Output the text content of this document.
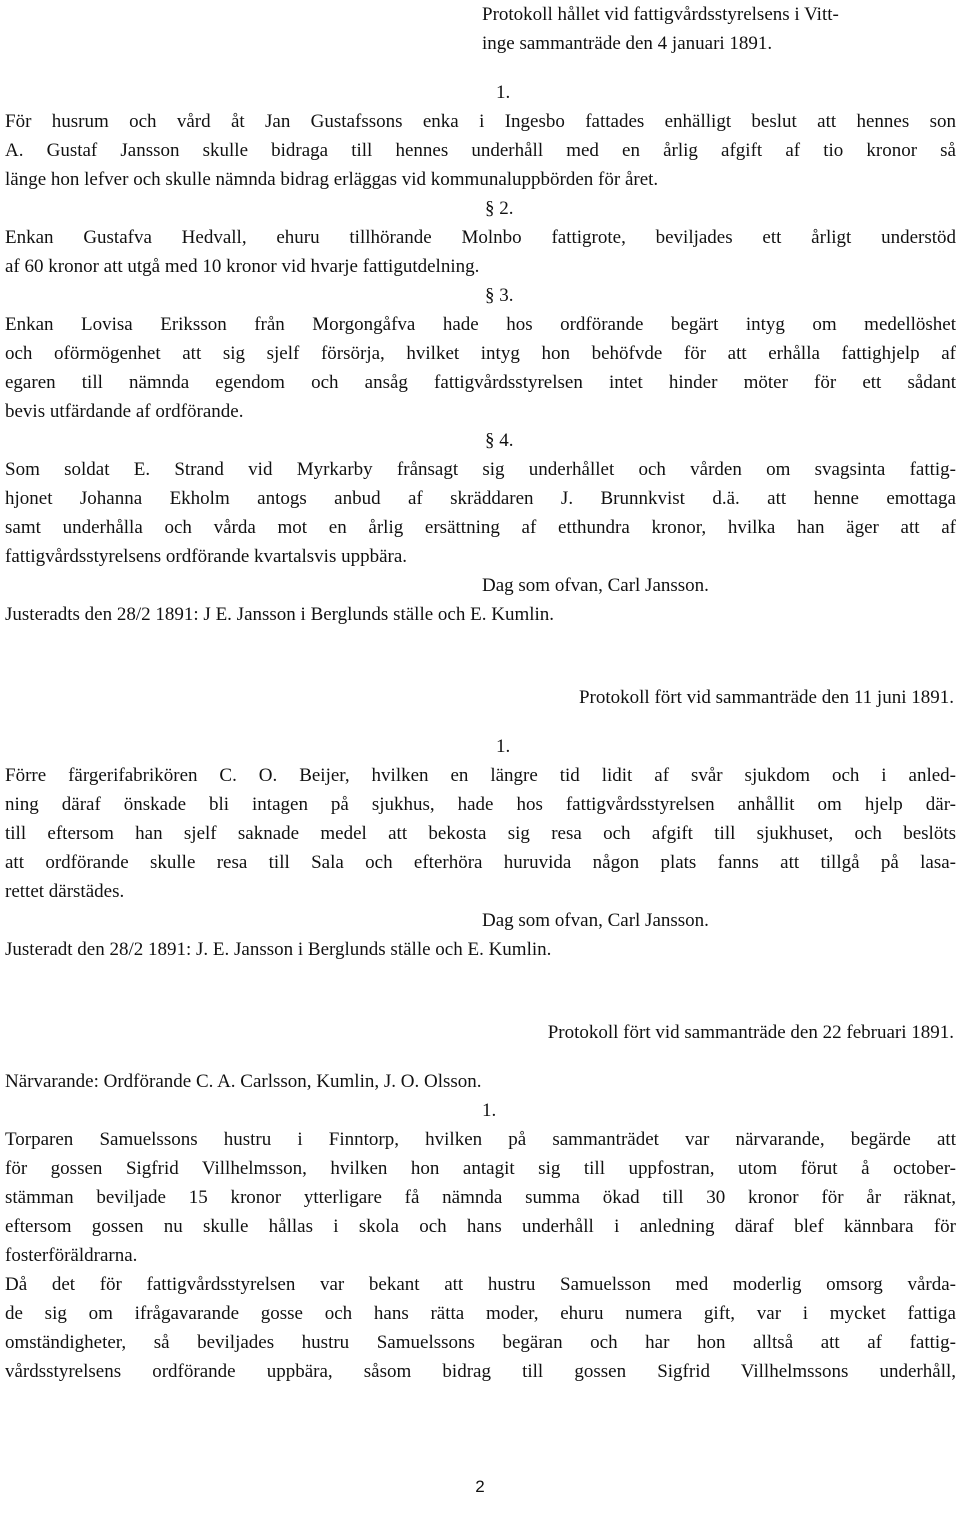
Protokoll hållet vid fattigvårdsstyrelsens i Vitt-
inge sammanträde den 4 januari 1891.
1.
För husrum och vård åt Jan Gustafssons enka i Ingesbo fattades enhälligt beslut att hennes son
A. Gustaf Jansson skulle bidraga till hennes underhåll med en årlig afgift af tio kronor så
länge hon lefver och skulle nämnda bidrag erläggas vid kommunaluppbörden för året.
§ 2.
Enkan Gustafva Hedvall, ehuru tillhörande Molnbo fattigrote, beviljades ett årligt understöd
af 60 kronor att utgå med 10 kronor vid hvarje fattigutdelning.
§ 3.
Enkan Lovisa Eriksson från Morgongåfva hade hos ordförande begärt intyg om medellöshet
och oförmögenhet att sig sjelf försörja, hvilket intyg hon behöfvde för att erhålla fattighjelp af
egaren till nämnda egendom och ansåg fattigvårdsstyrelsen intet hinder möter för ett sådant
bevis utfärdande af ordförande.
§ 4.
Som soldat E. Strand vid Myrkarby frånsagt sig underhållet och vården om svagsinta fattig-
hjonet Johanna Ekholm antogs anbud af skräddaren J. Brunnkvist d.ä. att henne emottaga
samt underhålla och vårda mot en årlig ersättning af etthundra kronor, hvilka han äger att af
fattigvårdsstyrelsens ordförande kvartalsvis uppbära.
Dag som ofvan, Carl Jansson.
Justeradts den 28/2 1891: J E. Jansson i Berglunds ställe och E. Kumlin.
Protokoll fört vid sammanträde den 11 juni 1891.
1.
Förre färgerifabrikören C. O. Beijer, hvilken en längre tid lidit af svår sjukdom och i anled-
ning däraf önskade bli intagen på sjukhus, hade hos fattigvårdsstyrelsen anhållit om hjelp där-
till eftersom han sjelf saknade medel att bekosta sig resa och afgift till sjukhuset, och beslöts
att ordförande skulle resa till Sala och efterhöra huruvida någon plats fanns att tillgå på lasa-
rettet därstädes.
Dag som ofvan, Carl Jansson.
Justeradt den 28/2 1891: J. E. Jansson i Berglunds ställe och E. Kumlin.
Protokoll fört vid sammanträde den 22 februari 1891.
Närvarande: Ordförande C. A. Carlsson, Kumlin, J. O. Olsson.
1.
Torparen Samuelssons hustru i Finntorp, hvilken på sammanträdet var närvarande, begärde att
för gossen Sigfrid Villhelmsson, hvilken hon antagit sig till uppfostran, utom förut å october-
stämman beviljade 15 kronor ytterligare få nämnda summa ökad till 30 kronor för år räknat,
eftersom gossen nu skulle hållas i skola och hans underhåll i anledning däraf blef kännbara för
fosterföräldrarna.
Då det för fattigvårdsstyrelsen var bekant att hustru Samuelsson med moderlig omsorg vårda-
de sig om ifrågavarande gosse och hans rätta moder, ehuru numera gift, var i mycket fattiga
omständigheter, så beviljades hustru Samuelssons begäran och har hon alltså att af fattig-
vårdsstyrelsens ordförande uppbära, såsom bidrag till gossen Sigfrid Villhelmssons underhåll,
2
